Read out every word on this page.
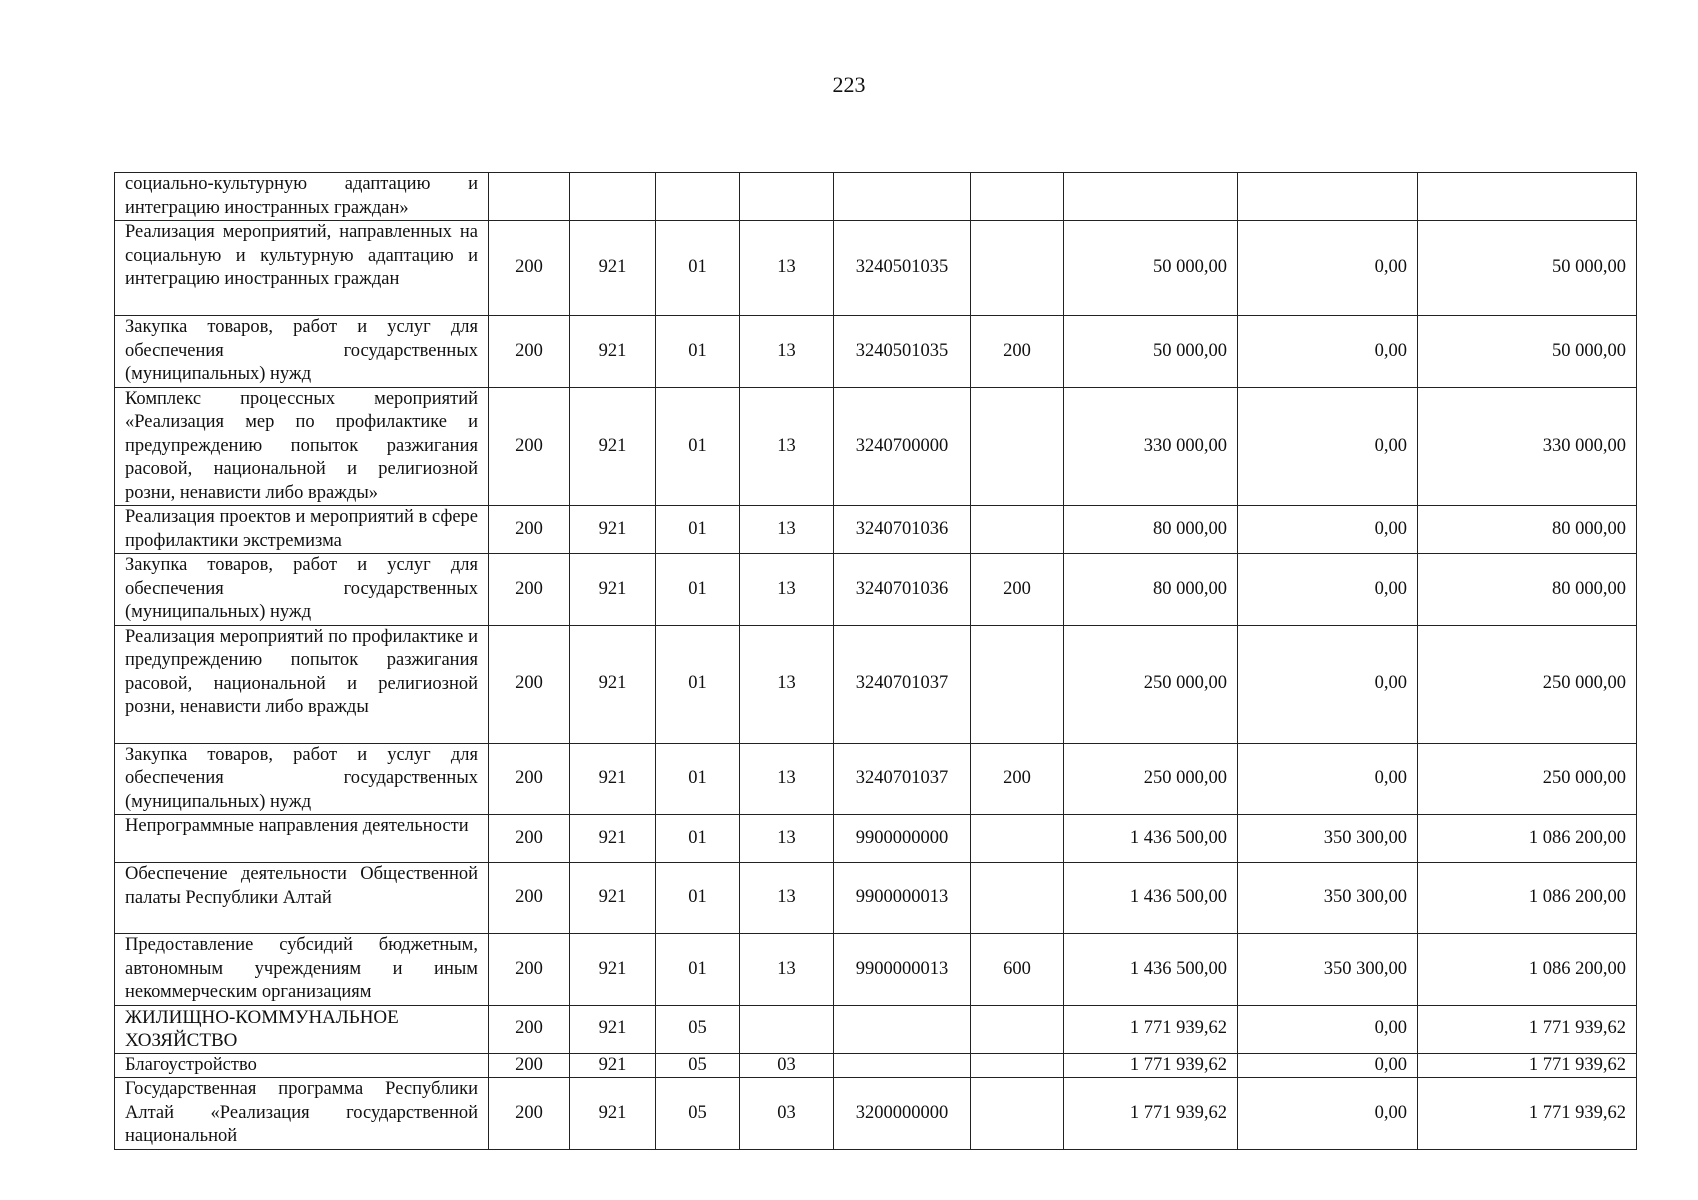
223
социально-культурную адаптацию и интеграцию иностранных граждан»									
Реализация мероприятий, направленных на социальную и культурную адаптацию и интеграцию иностранных граждан	200	921	01	13	3240501035		50 000,00	0,00	50 000,00
Закупка товаров, работ и услуг для обеспечения государственных (муниципальных) нужд	200	921	01	13	3240501035	200	50 000,00	0,00	50 000,00
Комплекс процессных мероприятий «Реализация мер по профилактике и предупреждению попыток разжигания расовой, национальной и религиозной розни, ненависти либо вражды»	200	921	01	13	3240700000		330 000,00	0,00	330 000,00
Реализация проектов и мероприятий в сфере профилактики экстремизма	200	921	01	13	3240701036		80 000,00	0,00	80 000,00
Закупка товаров, работ и услуг для обеспечения государственных (муниципальных) нужд	200	921	01	13	3240701036	200	80 000,00	0,00	80 000,00
Реализация мероприятий по профилактике и предупреждению попыток разжигания расовой, национальной и религиозной розни, ненависти либо вражды	200	921	01	13	3240701037		250 000,00	0,00	250 000,00
Закупка товаров, работ и услуг для обеспечения государственных (муниципальных) нужд	200	921	01	13	3240701037	200	250 000,00	0,00	250 000,00
Непрограммные направления деятельности	200	921	01	13	9900000000		1 436 500,00	350 300,00	1 086 200,00
Обеспечение деятельности Общественной палаты Республики Алтай	200	921	01	13	9900000013		1 436 500,00	350 300,00	1 086 200,00
Предоставление субсидий бюджетным, автономным учреждениям и иным некоммерческим организациям	200	921	01	13	9900000013	600	1 436 500,00	350 300,00	1 086 200,00
ЖИЛИЩНО-КОММУНАЛЬНОЕ ХОЗЯЙСТВО	200	921	05				1 771 939,62	0,00	1 771 939,62
Благоустройство	200	921	05	03			1 771 939,62	0,00	1 771 939,62
Государственная программа Республики Алтай «Реализация государственной национальной	200	921	05	03	3200000000		1 771 939,62	0,00	1 771 939,62
